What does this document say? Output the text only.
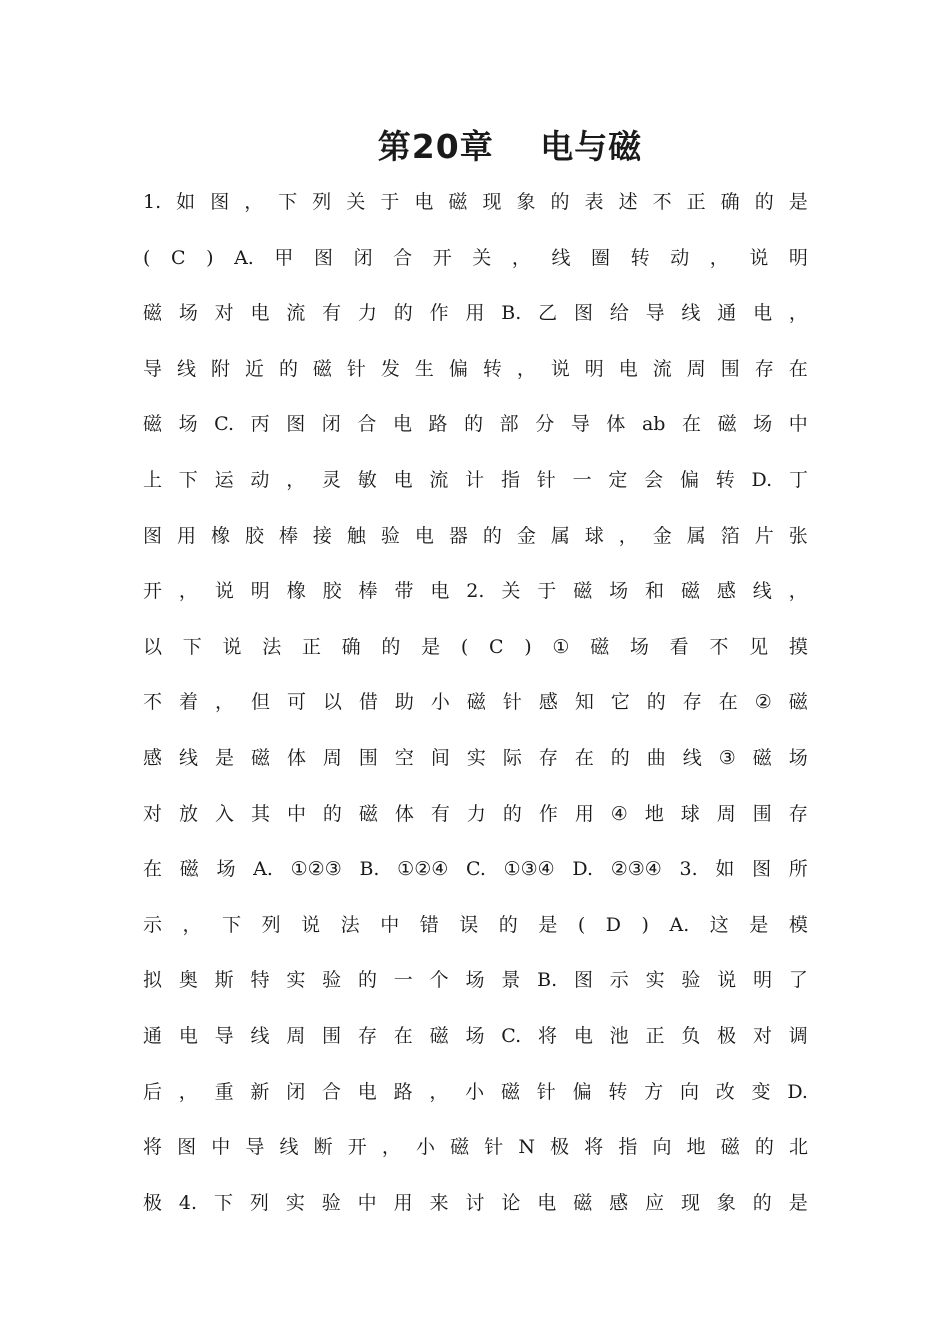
第20章　 电与磁
1. 如 图 ， 下 列 关 于 电 磁 现 象 的 表 述 不 正 确 的 是
( C ) A. 甲 图 闭 合 开 关 ， 线 圈 转 动 ， 说 明
磁 场 对 电 流 有 力 的 作 用 B. 乙 图 给 导 线 通 电 ，
导 线 附 近 的 磁 针 发 生 偏 转 ， 说 明 电 流 周 围 存 在
磁 场 C. 丙 图 闭 合 电 路 的 部 分 导 体 ab 在 磁 场 中
上 下 运 动 ， 灵 敏 电 流 计 指 针 一 定 会 偏 转 D. 丁
图 用 橡 胶 棒 接 触 验 电 器 的 金 属 球 ， 金 属 箔 片 张
开 ， 说 明 橡 胶 棒 带 电 2. 关 于 磁 场 和 磁 感 线 ，
以 下 说 法 正 确 的 是 ( C ) ① 磁 场 看 不 见 摸
不 着 ， 但 可 以 借 助 小 磁 针 感 知 它 的 存 在 ② 磁
感 线 是 磁 体 周 围 空 间 实 际 存 在 的 曲 线 ③ 磁 场
对 放 入 其 中 的 磁 体 有 力 的 作 用 ④ 地 球 周 围 存
在 磁 场 A. ①②③ B. ①②④ C. ①③④ D. ②③④ 3. 如 图 所
示 ， 下 列 说 法 中 错 误 的 是 ( D ) A. 这 是 模
拟 奥 斯 特 实 验 的 一 个 场 景 B. 图 示 实 验 说 明 了
通 电 导 线 周 围 存 在 磁 场 C. 将 电 池 正 负 极 对 调
后 ， 重 新 闭 合 电 路 ， 小 磁 针 偏 转 方 向 改 变 D.
将 图 中 导 线 断 开 ， 小 磁 针 N 极 将 指 向 地 磁 的 北
极 4. 下 列 实 验 中 用 来 讨 论 电 磁 感 应 现 象 的 是
